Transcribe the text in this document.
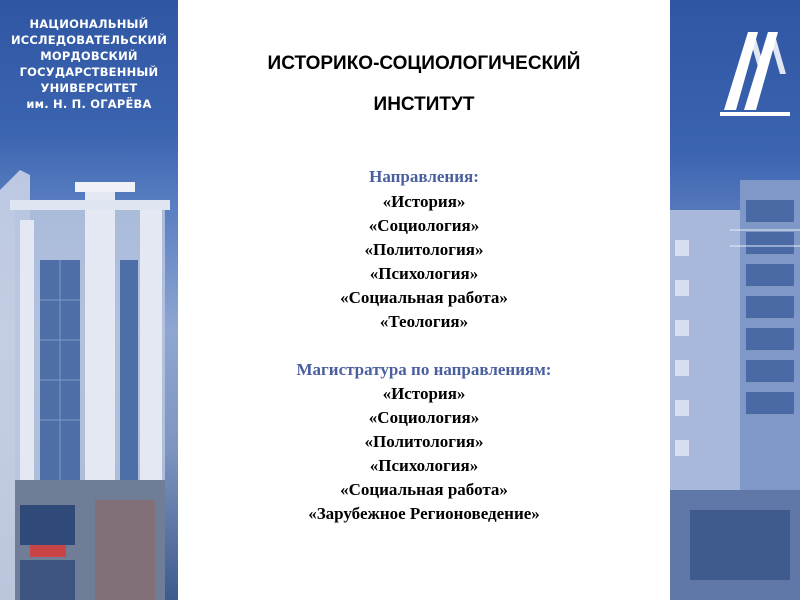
НАЦИОНАЛЬНЫЙ
ИССЛЕДОВАТЕЛЬСКИЙ
МОРДОВСКИЙ
ГОСУДАРСТВЕННЫЙ
УНИВЕРСИТЕТ
им. Н. П. ОГАРЁВА
ИСТОРИКО-СОЦИОЛОГИЧЕСКИЙ
ИНСТИТУТ
Направления:
«История»
«Социология»
«Политология»
«Психология»
«Социальная работа»
«Теология»
Магистратура по направлениям:
«История»
«Социология»
«Политология»
«Психология»
«Социальная работа»
«Зарубежное Регионоведение»
